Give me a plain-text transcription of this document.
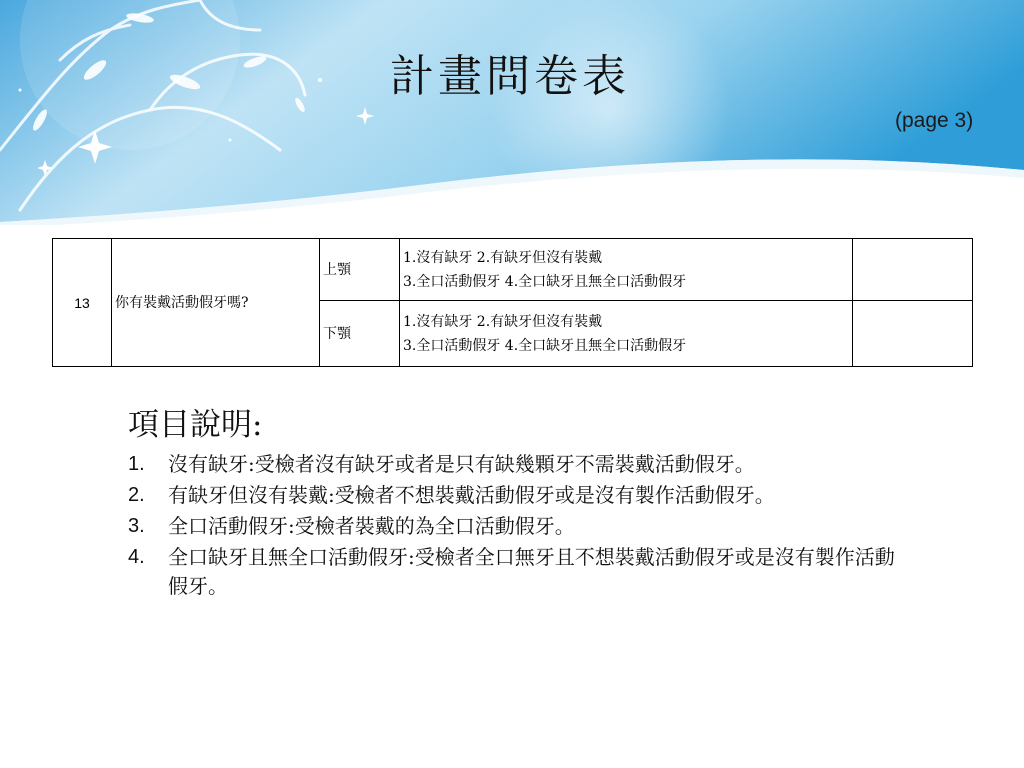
計畫問卷表
(page 3)
13	你有裝戴活動假牙嗎?	上顎	1.沒有缺牙 2.有缺牙但沒有裝戴
3.全口活動假牙 4.全口缺牙且無全口活動假牙	

		下顎	1.沒有缺牙 2.有缺牙但沒有裝戴
3.全口活動假牙 4.全口缺牙且無全口活動假牙	

項目說明:
1. 沒有缺牙:受檢者沒有缺牙或者是只有缺幾顆牙不需裝戴活動假牙。
2. 有缺牙但沒有裝戴:受檢者不想裝戴活動假牙或是沒有製作活動假牙。
3. 全口活動假牙:受檢者裝戴的為全口活動假牙。
4. 全口缺牙且無全口活動假牙:受檢者全口無牙且不想裝戴活動假牙或是沒有製作活動假牙。
